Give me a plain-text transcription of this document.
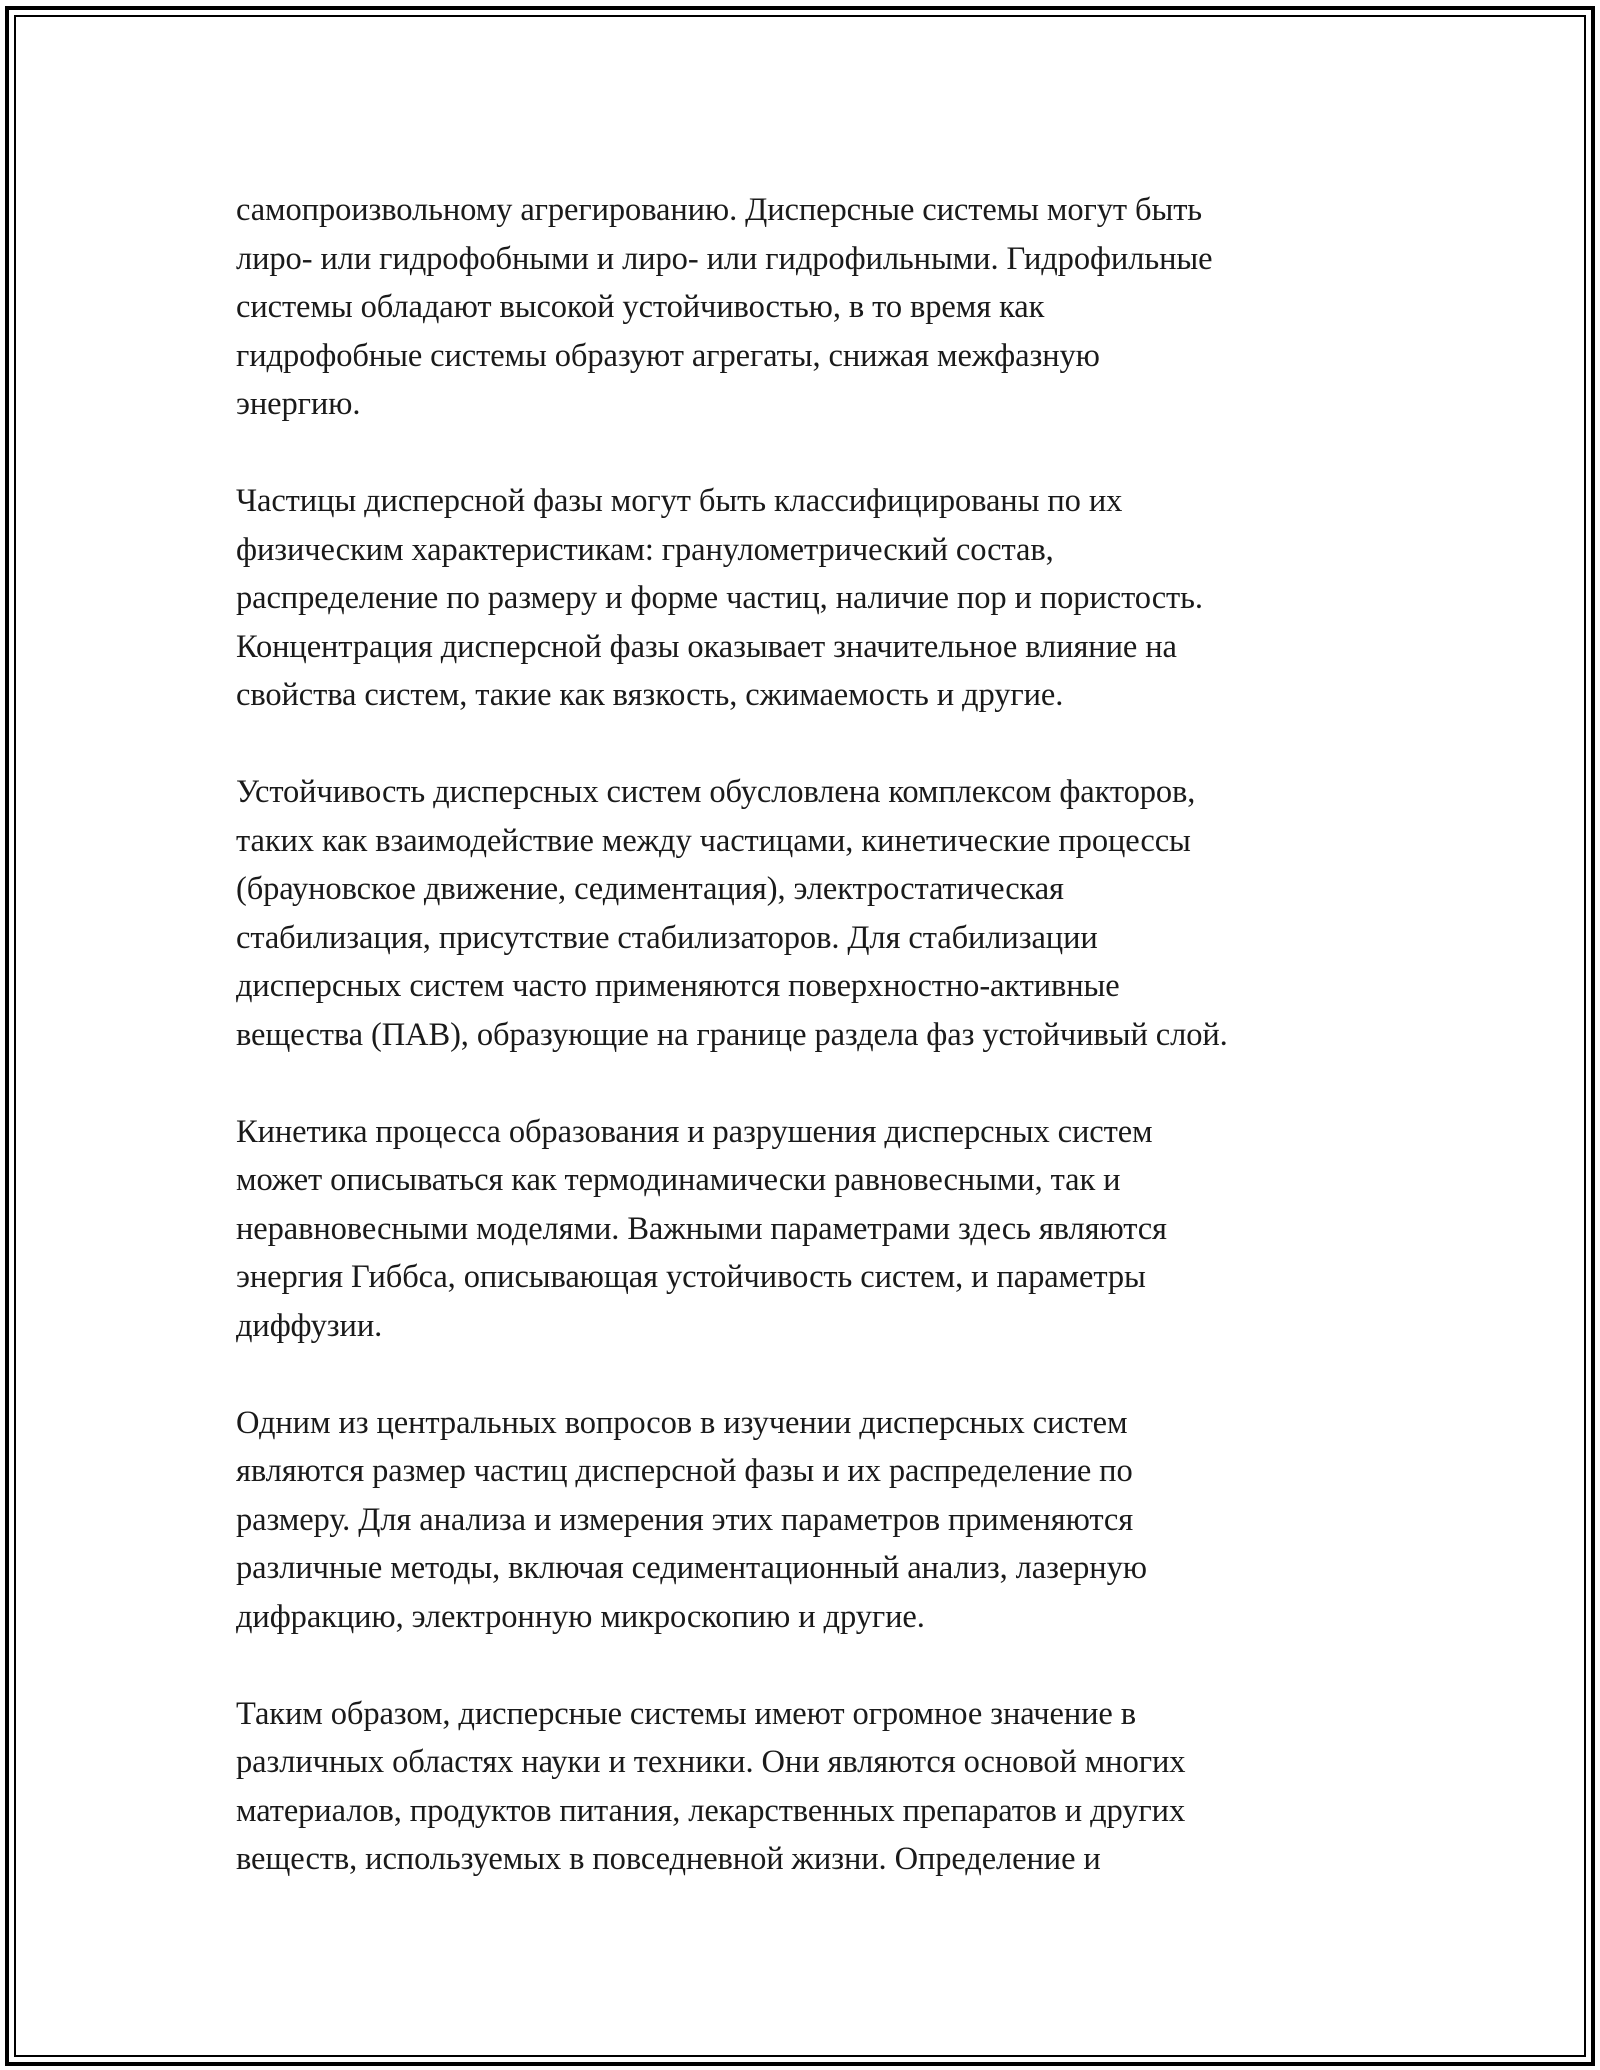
самопроизвольному агрегированию. Дисперсные системы могут быть
лиро- или гидрофобными и лиро- или гидрофильными. Гидрофильные
системы обладают высокой устойчивостью, в то время как
гидрофобные системы образуют агрегаты, снижая межфазную
энергию.

Частицы дисперсной фазы могут быть классифицированы по их
физическим характеристикам: гранулометрический состав,
распределение по размеру и форме частиц, наличие пор и пористость.
Концентрация дисперсной фазы оказывает значительное влияние на
свойства систем, такие как вязкость, сжимаемость и другие.

Устойчивость дисперсных систем обусловлена комплексом факторов,
таких как взаимодействие между частицами, кинетические процессы
(брауновское движение, седиментация), электростатическая
стабилизация, присутствие стабилизаторов. Для стабилизации
дисперсных систем часто применяются поверхностно-активные
вещества (ПАВ), образующие на границе раздела фаз устойчивый слой.

Кинетика процесса образования и разрушения дисперсных систем
может описываться как термодинамически равновесными, так и
неравновесными моделями. Важными параметрами здесь являются
энергия Гиббса, описывающая устойчивость систем, и параметры
диффузии.

Одним из центральных вопросов в изучении дисперсных систем
являются размер частиц дисперсной фазы и их распределение по
размеру. Для анализа и измерения этих параметров применяются
различные методы, включая седиментационный анализ, лазерную
дифракцию, электронную микроскопию и другие.

Таким образом, дисперсные системы имеют огромное значение в
различных областях науки и техники. Они являются основой многих
материалов, продуктов питания, лекарственных препаратов и других
веществ, используемых в повседневной жизни. Определение и
